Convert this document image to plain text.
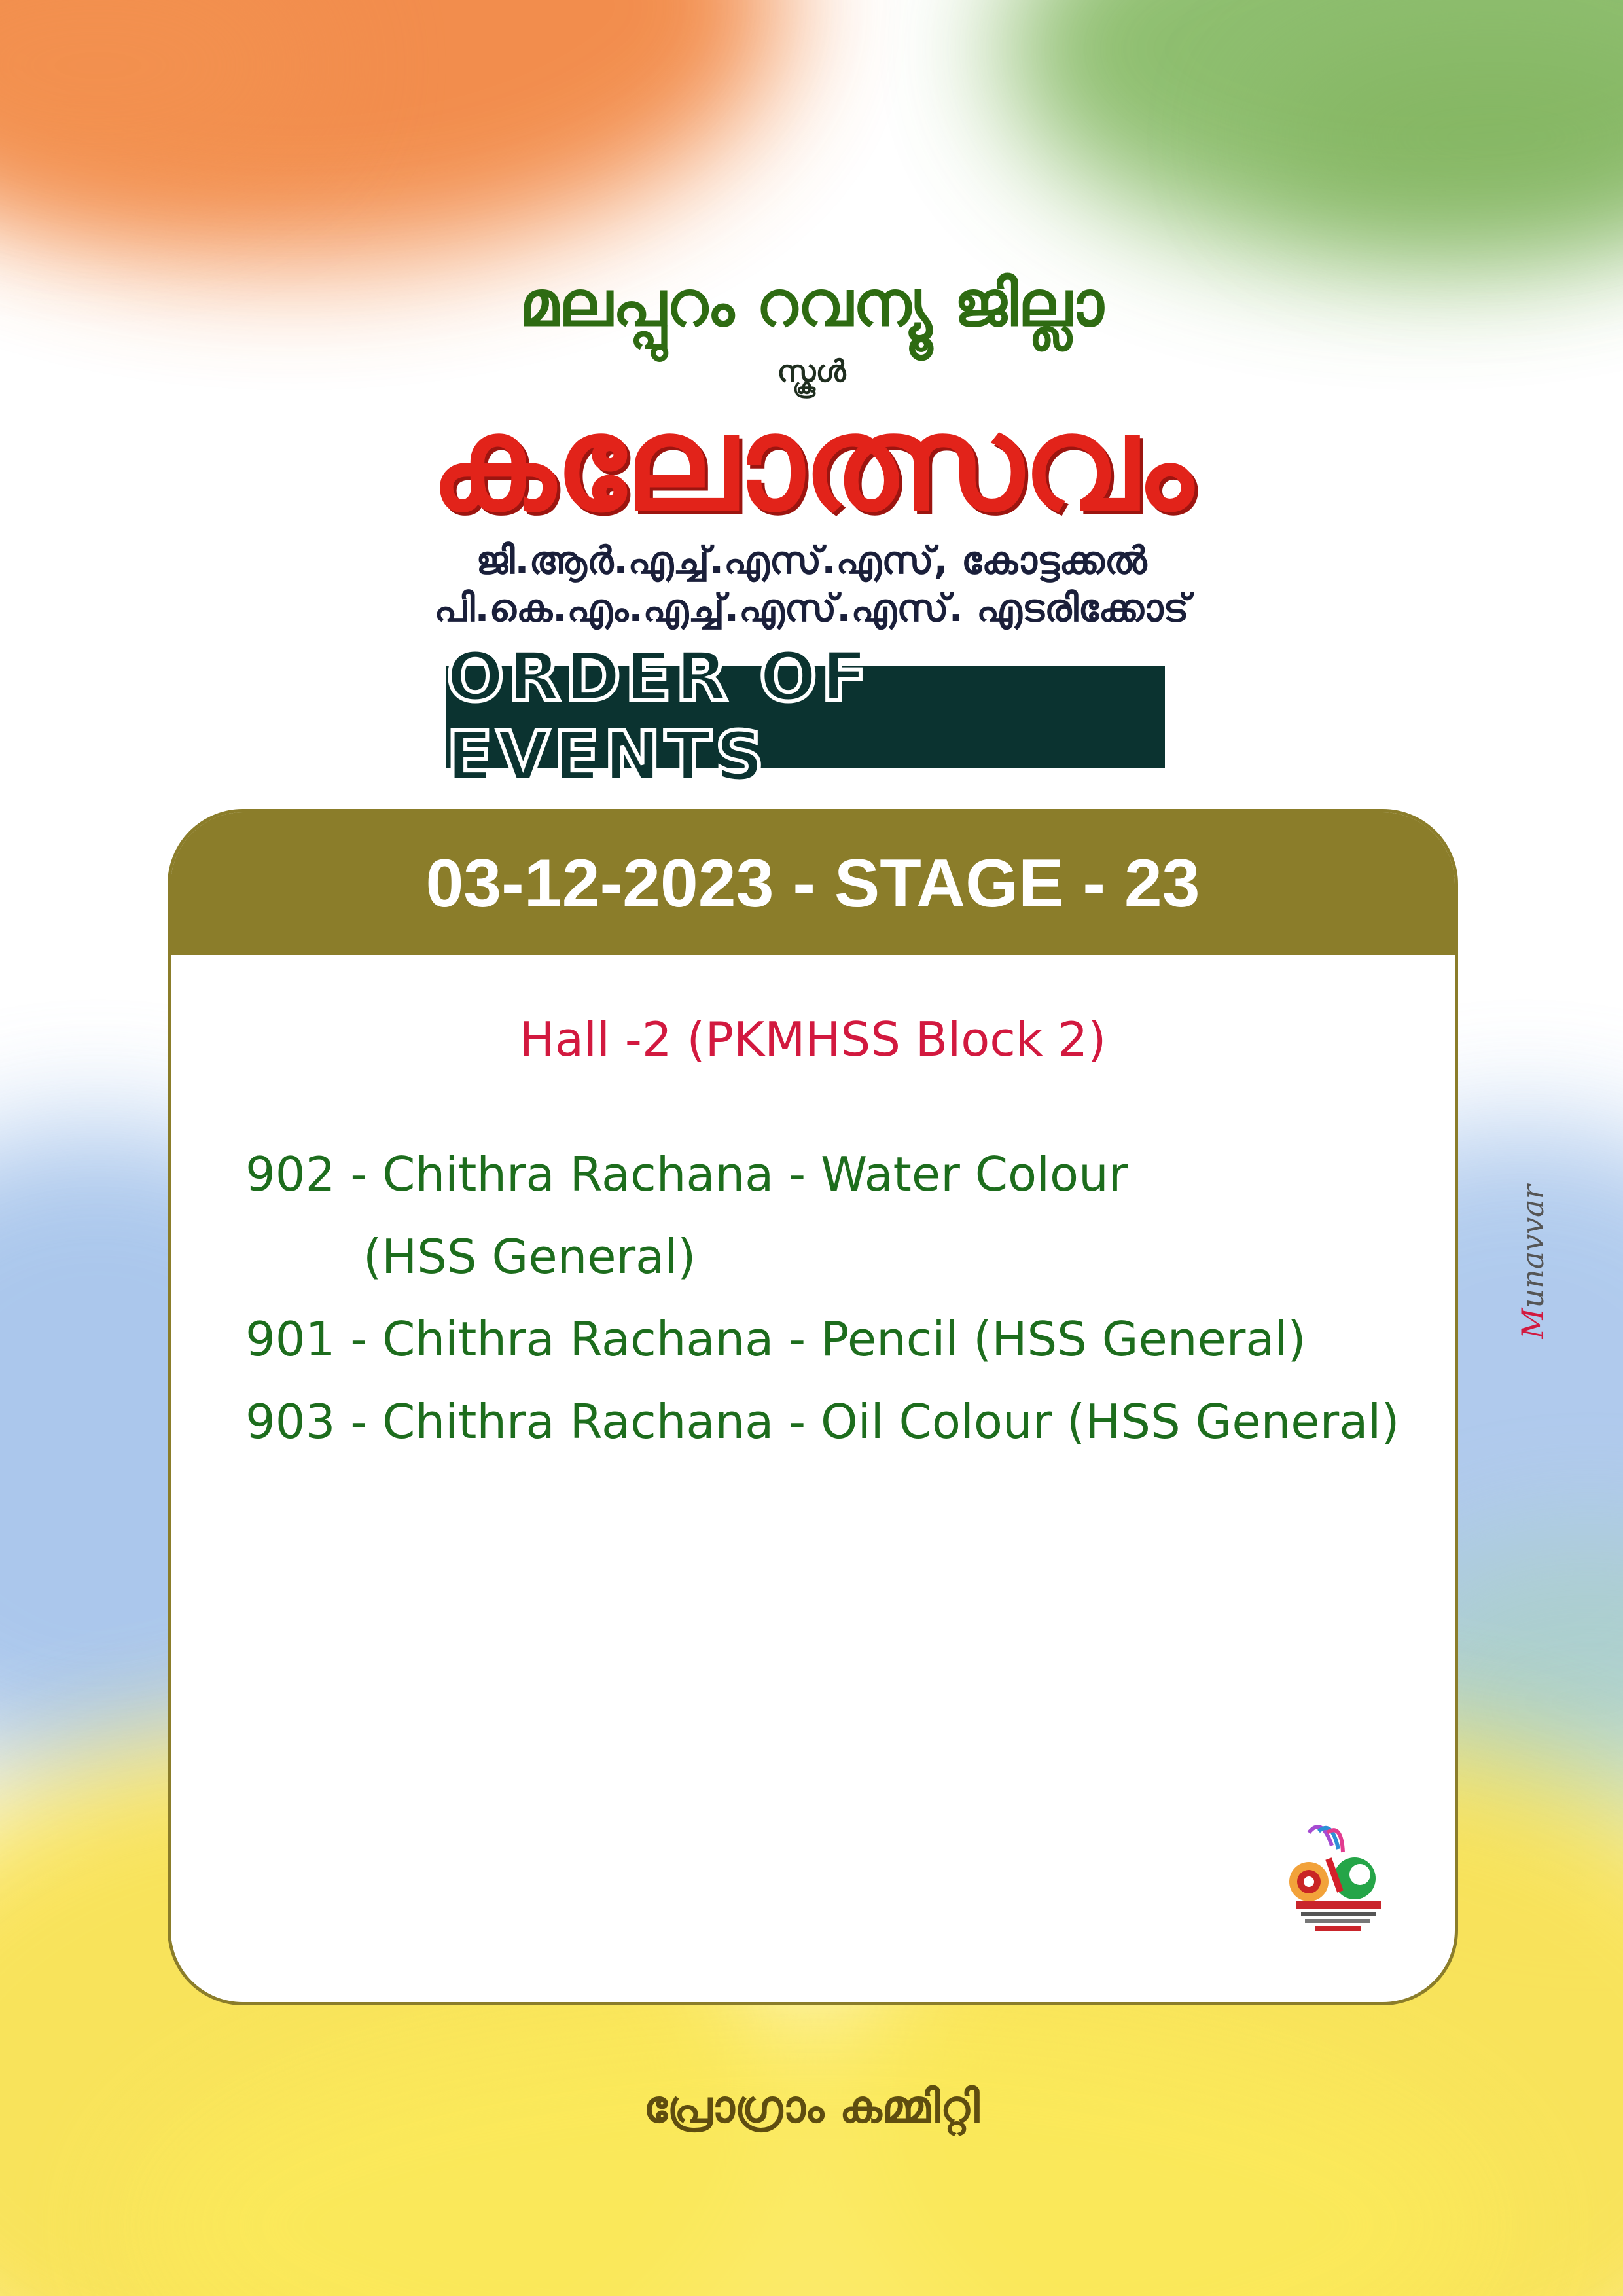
മലപ്പുറം റവന്യൂ ജില്ലാ
സ്കൂൾ
കലോത്സവം
ജി.ആർ.എച്ച്.എസ്.എസ്, കോട്ടക്കൽ
പി.കെ.എം.എച്ച്.എസ്.എസ്. എടരിക്കോട്
ORDER OF EVENTS
03-12-2023 - STAGE - 23
Hall -2 (PKMHSS Block 2)
902 - Chithra Rachana - Water Colour
(HSS General)
901 - Chithra Rachana - Pencil (HSS General)
903 - Chithra Rachana - Oil Colour (HSS General)
Munavvar
പ്രോഗ്രാം കമ്മിറ്റി
